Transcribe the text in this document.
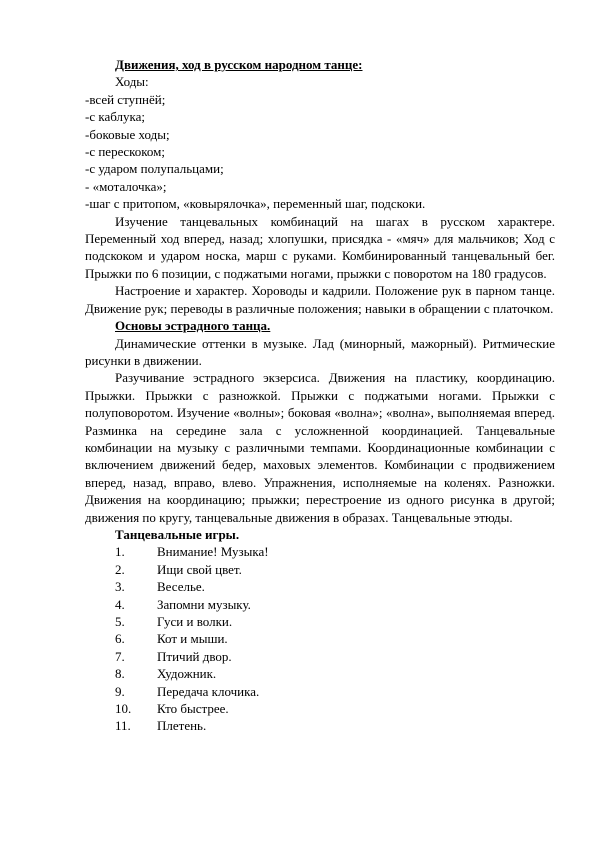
Движения, ход в русском народном танце:
Ходы:
-всей ступнёй;
-с каблука;
-боковые ходы;
-с переcкоком;
-с ударом полупальцами;
- «моталочка»;
-шаг с притопом, «ковырялочка», переменный шаг, подскоки.
Изучение танцевальных комбинаций на шагах в русском характере. Переменный ход вперед, назад; хлопушки, присядка - «мяч» для мальчиков; Ход с подскоком и ударом носка, марш с руками. Комбинированный танцевальный бег. Прыжки по 6 позиции, с поджатыми ногами, прыжки с поворотом на 180 градусов.
Настроение и характер. Хороводы и кадрили. Положение рук в парном танце. Движение рук; переводы в различные положения; навыки в обращении с платочком.
Основы эстрадного танца.
Динамические оттенки в музыке. Лад (минорный, мажорный). Ритмические рисунки в движении.
Разучивание эстрадного экзерсиса. Движения на пластику, координацию. Прыжки. Прыжки с разножкой. Прыжки с поджатыми ногами. Прыжки с полуповоротом. Изучение «волны»; боковая «волна»; «волна», выполняемая вперед. Разминка на середине зала с усложненной координацией. Танцевальные комбинации на музыку с различными темпами. Координационные комбинации с включением движений бедер, маховых элементов. Комбинации с продвижением вперед, назад, вправо, влево. Упражнения, исполняемые на коленях. Разножки. Движения на координацию; прыжки; перестроение из одного рисунка в другой; движения по кругу, танцевальные движения в образах. Танцевальные этюды.
Танцевальные игры.
1. Внимание! Музыка!
2. Ищи свой цвет.
3. Веселье.
4. Запомни музыку.
5. Гуси и волки.
6. Кот и мыши.
7. Птичий двор.
8. Художник.
9. Передача клочика.
10. Кто быстрее.
11. Плетень.
